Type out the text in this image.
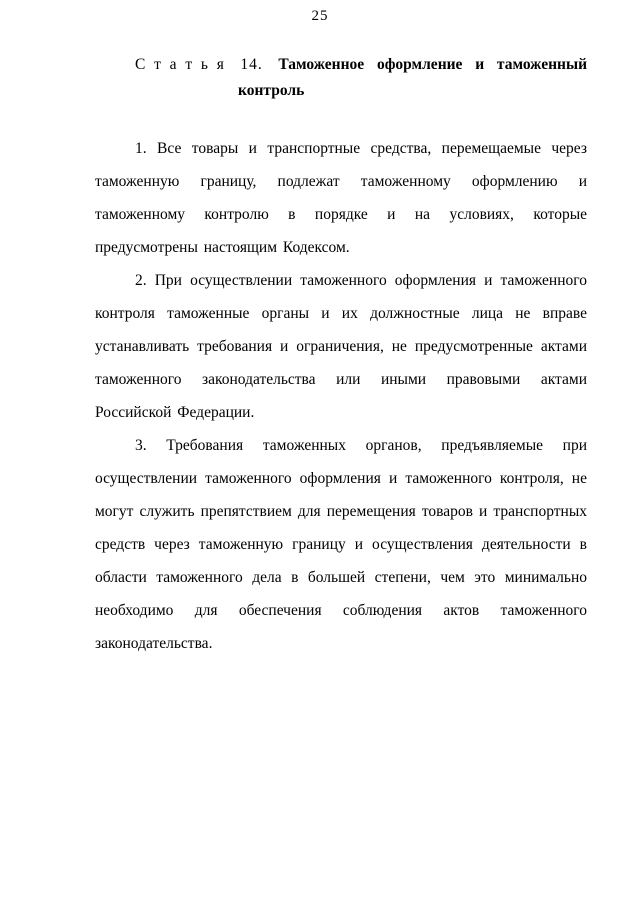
25
С т а т ь я  14.  Таможенное оформление и таможенный контроль

1. Все товары и транспортные средства, перемещаемые через таможенную границу, подлежат таможенному оформлению и таможенному контролю в порядке и на условиях, которые предусмотрены настоящим Кодексом.

2. При осуществлении таможенного оформления и таможенного контроля таможенные органы и их должностные лица не вправе устанавливать требования и ограничения, не предусмотренные актами таможенного законодательства или иными правовыми актами Российской Федерации.

3. Требования таможенных органов, предъявляемые при осуществлении таможенного оформления и таможенного контроля, не могут служить препятствием для перемещения товаров и транспортных средств через таможенную границу и осуществления деятельности в области таможенного дела в большей степени, чем это минимально необходимо для обеспечения соблюдения актов таможенного законодательства.
